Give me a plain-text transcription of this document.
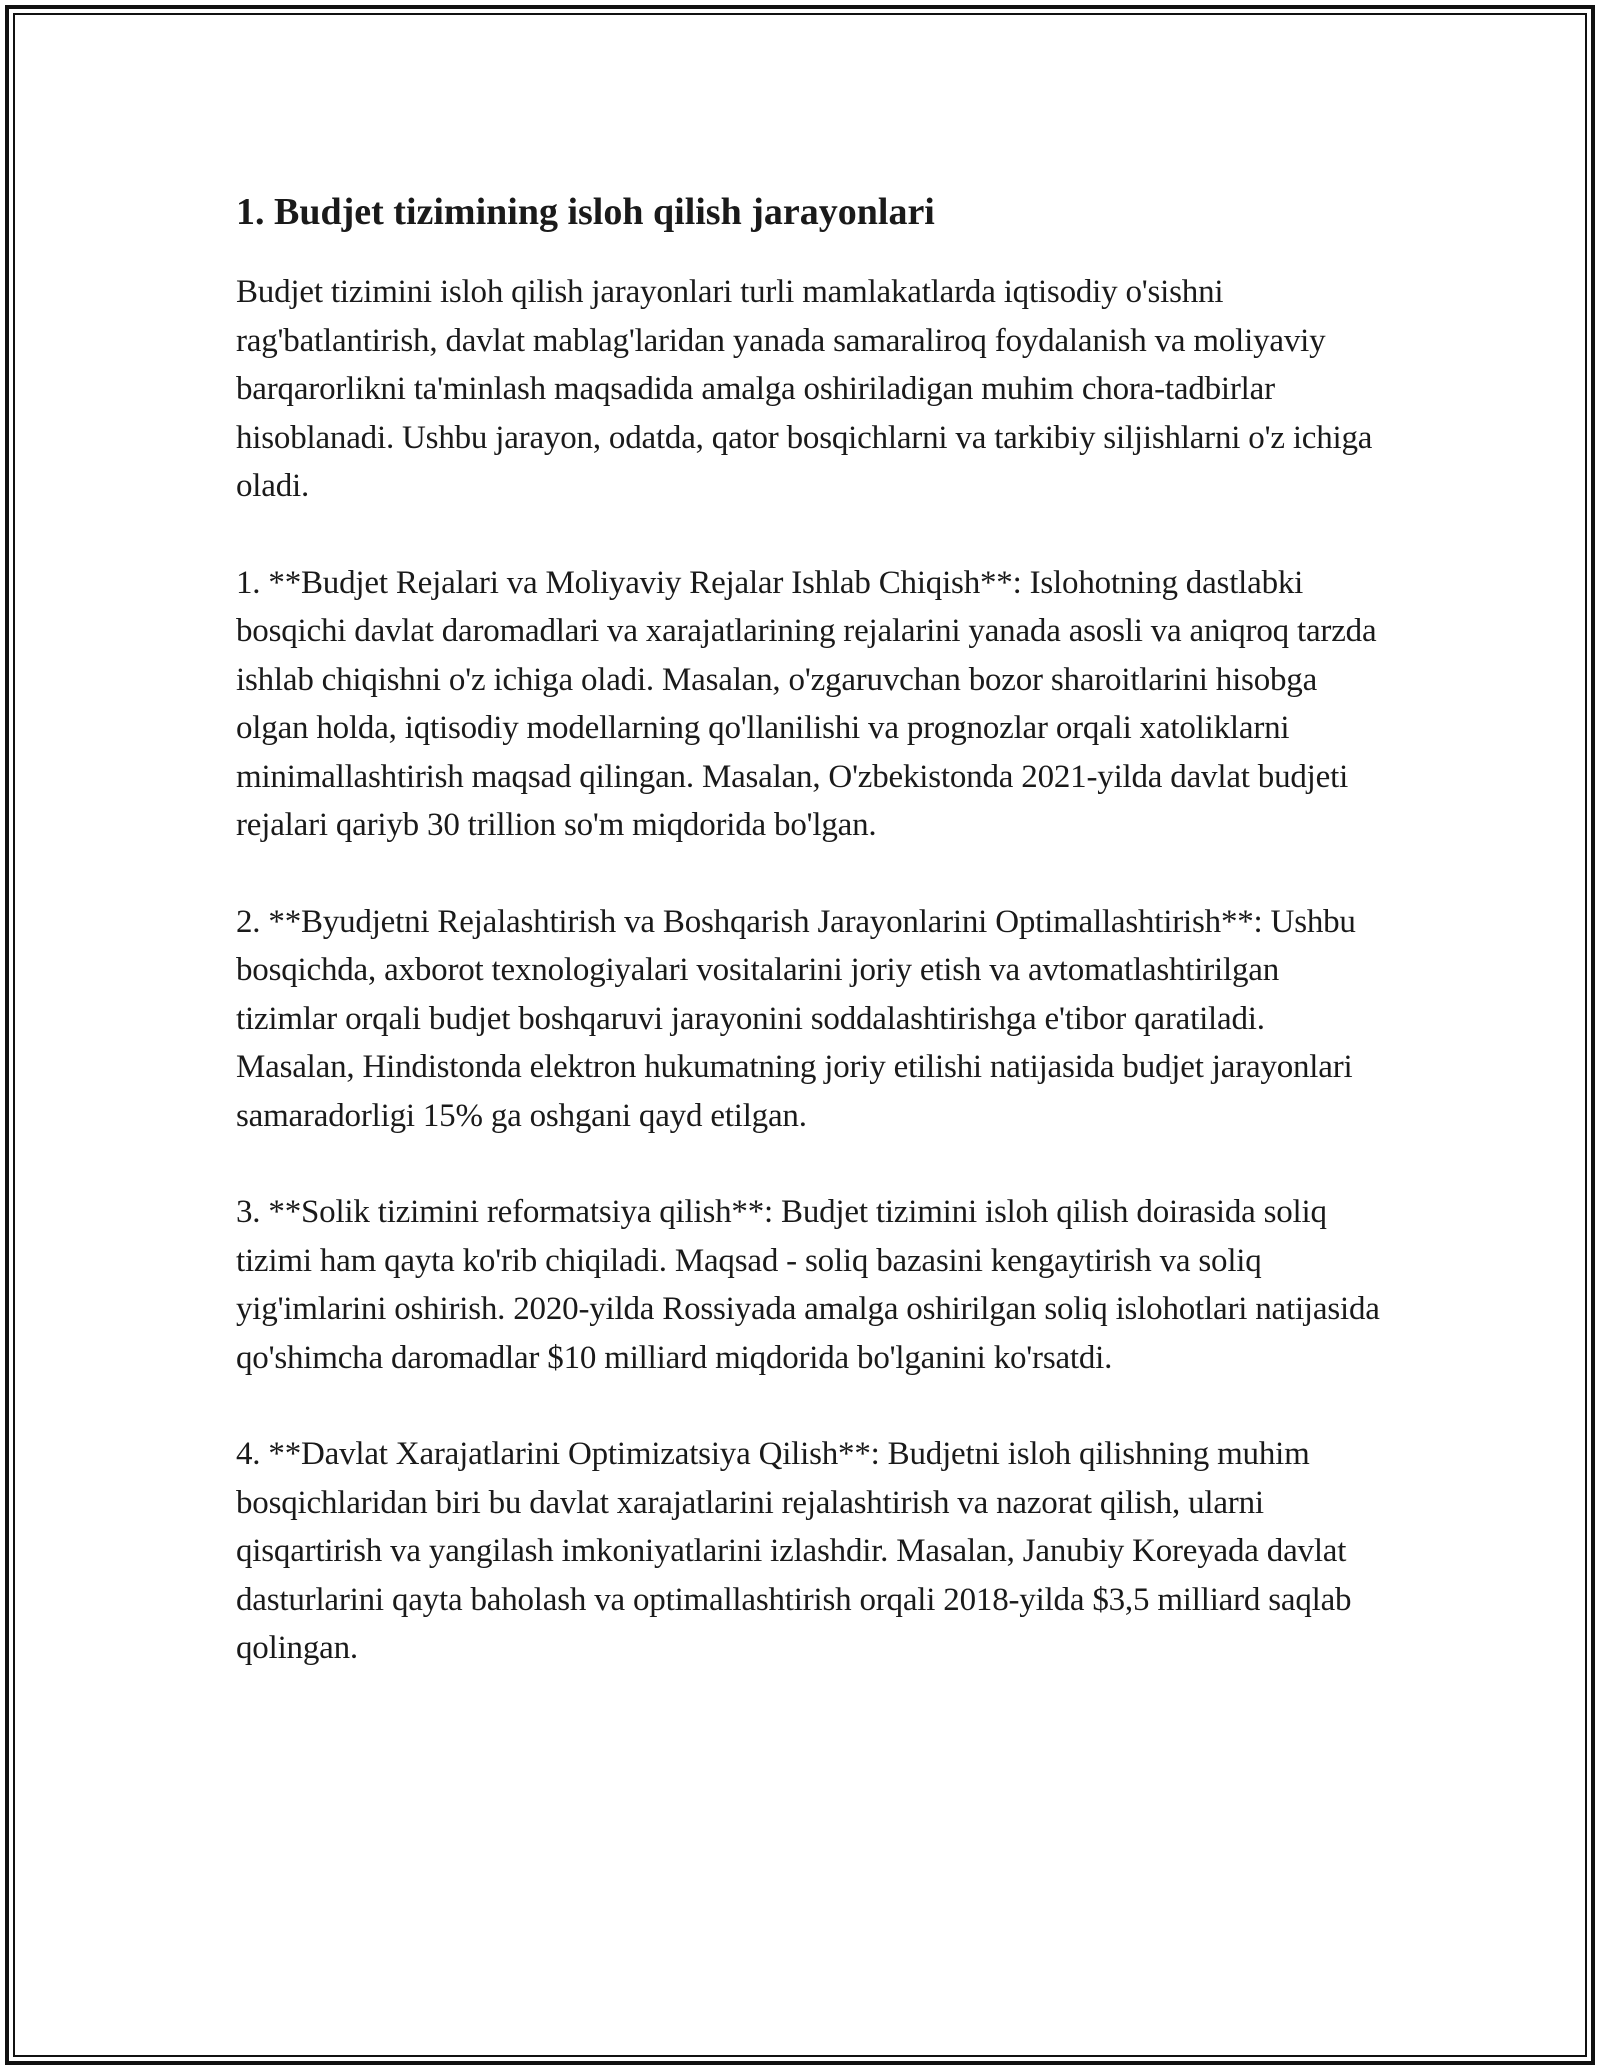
1. Budjet tizimining isloh qilish jarayonlari

Budjet tizimini isloh qilish jarayonlari turli mamlakatlarda iqtisodiy o'sishni rag'batlantirish, davlat mablag'laridan yanada samaraliroq foydalanish va moliyaviy barqarorlikni ta'minlash maqsadida amalga oshiriladigan muhim chora-tadbirlar hisoblanadi. Ushbu jarayon, odatda, qator bosqichlarni va tarkibiy siljishlarni o'z ichiga oladi.

1. **Budjet Rejalari va Moliyaviy Rejalar Ishlab Chiqish**: Islohotning dastlabki bosqichi davlat daromadlari va xarajatlarining rejalarini yanada asosli va aniqroq tarzda ishlab chiqishni o'z ichiga oladi. Masalan, o'zgaruvchan bozor sharoitlarini hisobga olgan holda, iqtisodiy modellarning qo'llanilishi va prognozlar orqali xatoliklarni minimallashtirish maqsad qilingan. Masalan, O'zbekistonda 2021-yilda davlat budjeti rejalari qariyb 30 trillion so'm miqdorida bo'lgan.

2. **Byudjetni Rejalashtirish va Boshqarish Jarayonlarini Optimallashtirish**: Ushbu bosqichda, axborot texnologiyalari vositalarini joriy etish va avtomatlashtirilgan tizimlar orqali budjet boshqaruvi jarayonini soddalashtirishga e'tibor qaratiladi. Masalan, Hindistonda elektron hukumatning joriy etilishi natijasida budjet jarayonlari samaradorligi 15% ga oshgani qayd etilgan.

3. **Solik tizimini reformatsiya qilish**: Budjet tizimini isloh qilish doirasida soliq tizimi ham qayta ko'rib chiqiladi. Maqsad - soliq bazasini kengaytirish va soliq yig'imlarini oshirish. 2020-yilda Rossiyada amalga oshirilgan soliq islohotlari natijasida qo'shimcha daromadlar $10 milliard miqdorida bo'lganini ko'rsatdi.

4. **Davlat Xarajatlarini Optimizatsiya Qilish**: Budjetni isloh qilishning muhim bosqichlaridan biri bu davlat xarajatlarini rejalashtirish va nazorat qilish, ularni qisqartirish va yangilash imkoniyatlarini izlashdir. Masalan, Janubiy Koreyada davlat dasturlarini qayta baholash va optimallashtirish orqali 2018-yilda $3,5 milliard saqlab qolingan.
